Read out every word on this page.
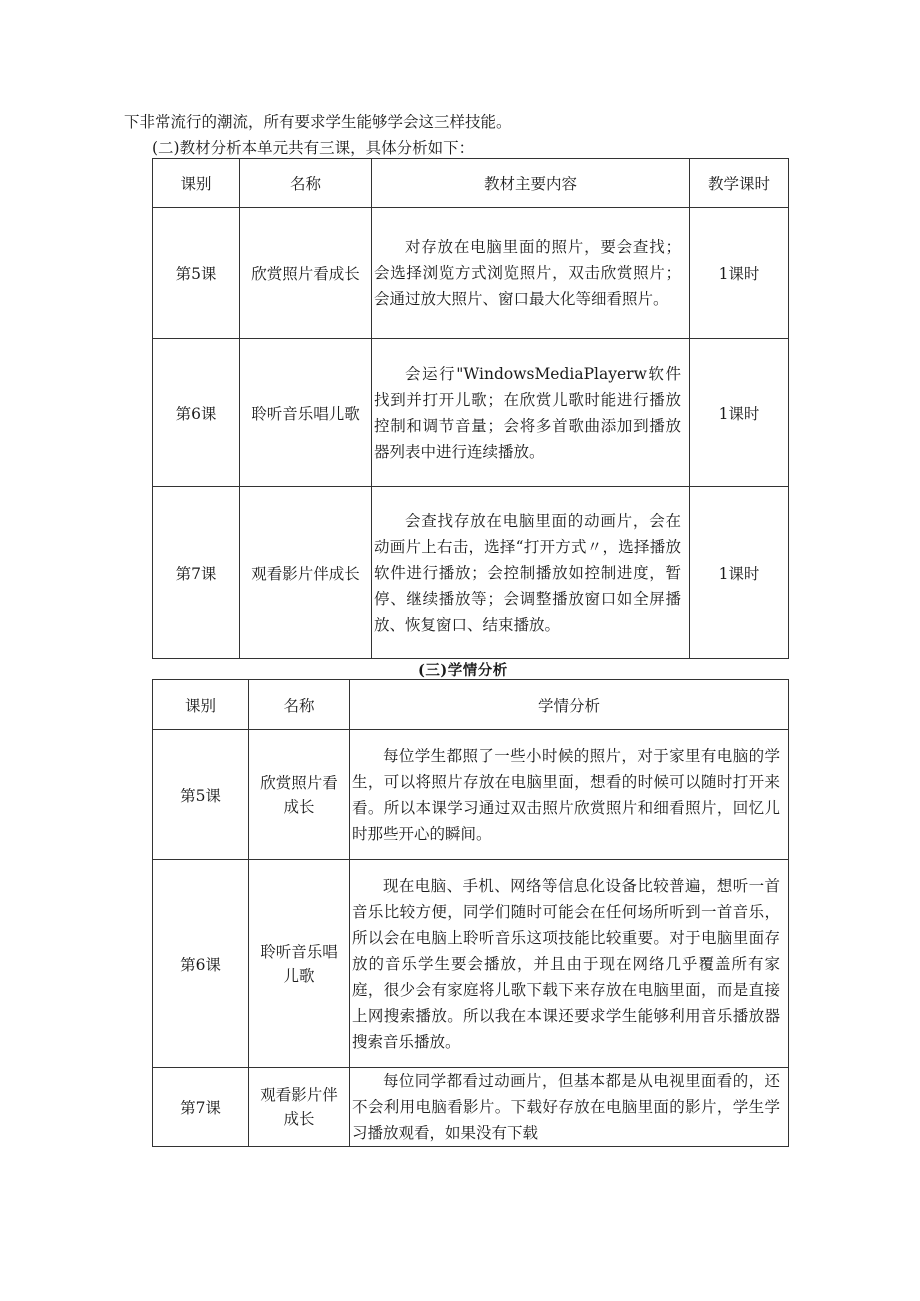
下非常流行的潮流，所有要求学生能够学会这三样技能。
(二)教材分析本单元共有三课，具体分析如下：
课别	名称	教材主要内容	教学课时
第5课	欣赏照片看成长	对存放在电脑里面的照片，要会查找；会选择浏览方式浏览照片，双击欣赏照片；会通过放大照片、窗口最大化等细看照片。	1课时
第6课	聆听音乐唱儿歌	会运行"WindowsMediaPlayerw软件找到并打开儿歌；在欣赏儿歌时能进行播放控制和调节音量；会将多首歌曲添加到播放器列表中进行连续播放。	1课时
第7课	观看影片伴成长	会查找存放在电脑里面的动画片，会在动画片上右击，选择“打开方式〃，选择播放软件进行播放；会控制播放如控制进度，暂停、继续播放等；会调整播放窗口如全屏播放、恢复窗口、结束播放。	1课时
(三)学情分析
课别	名称	学情分析
第5课	欣赏照片看成长	每位学生都照了一些小时候的照片，对于家里有电脑的学生，可以将照片存放在电脑里面，想看的时候可以随时打开来看。所以本课学习通过双击照片欣赏照片和细看照片，回忆儿时那些开心的瞬间。
第6课	聆听音乐唱儿歌	现在电脑、手机、网络等信息化设备比较普遍，想听一首音乐比较方便，同学们随时可能会在任何场所听到一首音乐，所以会在电脑上聆听音乐这项技能比较重要。对于电脑里面存放的音乐学生要会播放，并且由于现在网络几乎覆盖所有家庭，很少会有家庭将儿歌下载下来存放在电脑里面，而是直接上网搜索播放。所以我在本课还要求学生能够利用音乐播放器搜索音乐播放。
第7课	观看影片伴成长	每位同学都看过动画片，但基本都是从电视里面看的，还不会利用电脑看影片。下载好存放在电脑里面的影片，学生学习播放观看，如果没有下载
